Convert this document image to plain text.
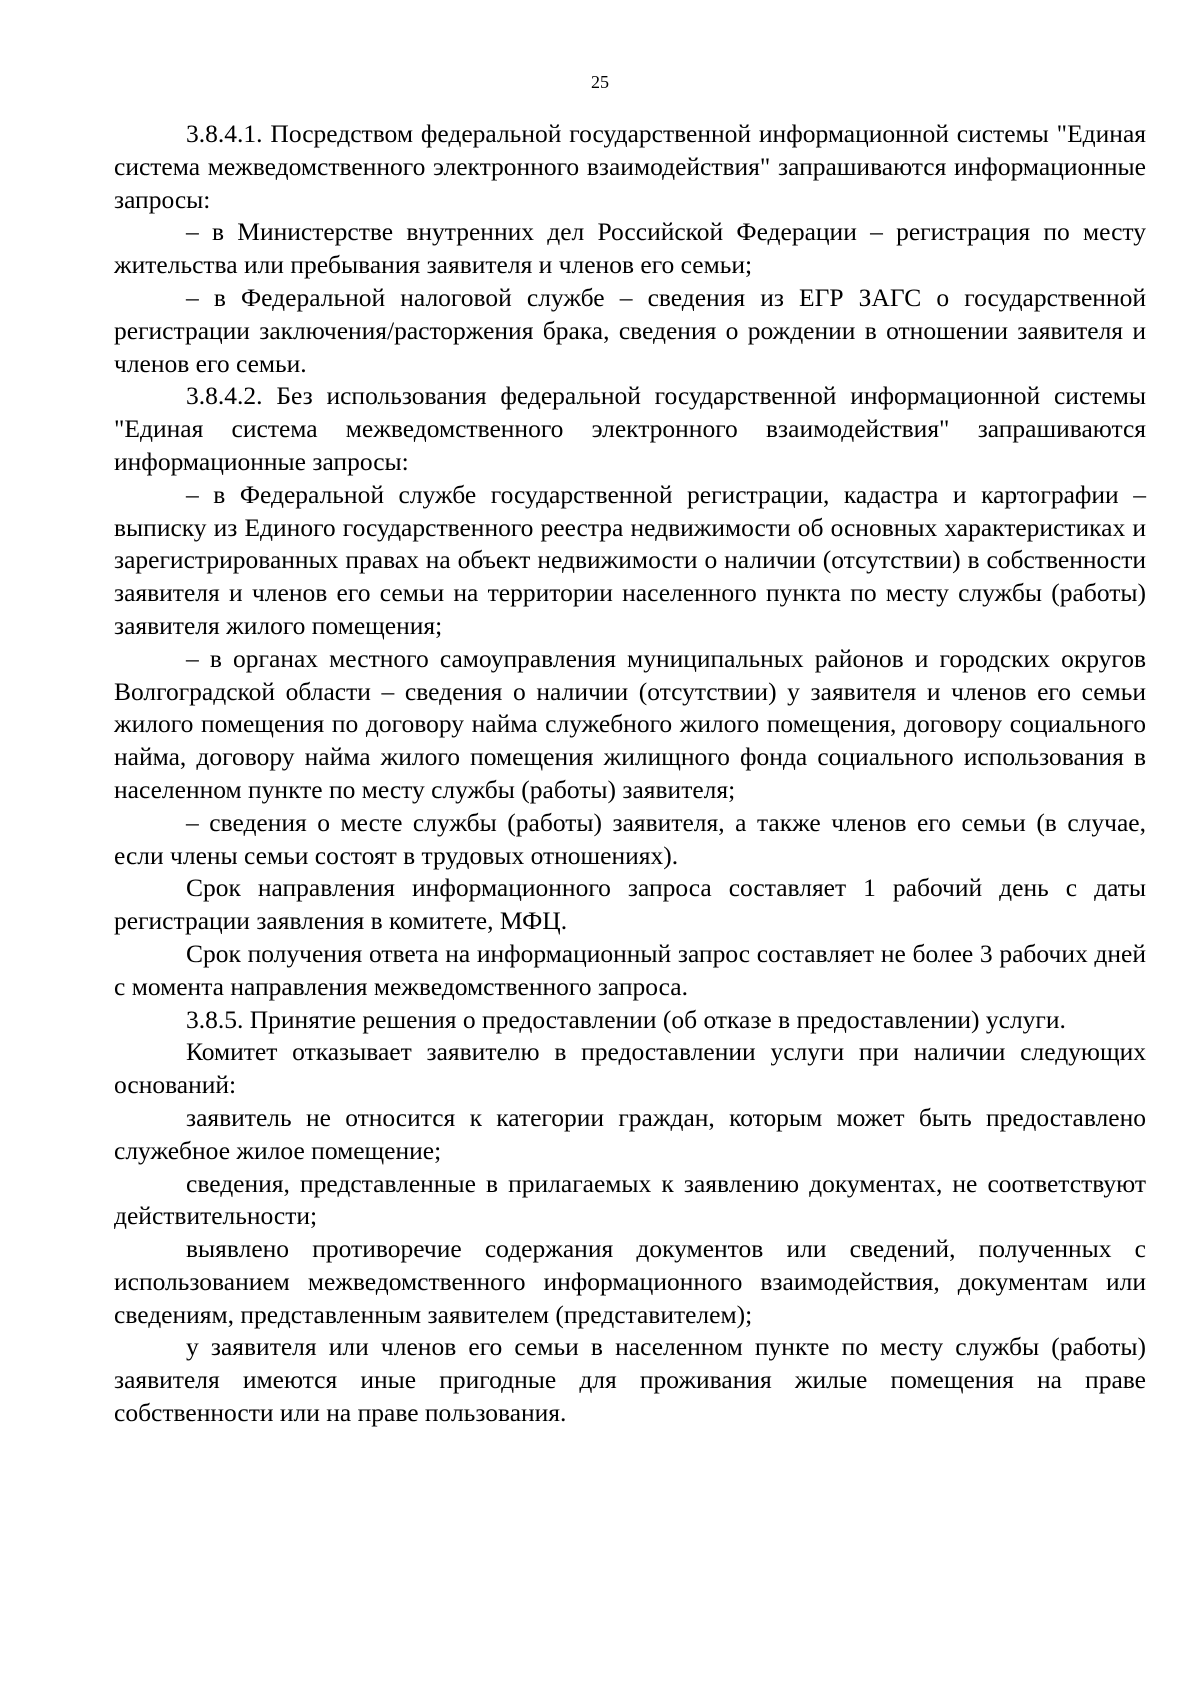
25

3.8.4.1. Посредством федеральной государственной информационной системы "Единая система межведомственного электронного взаимодействия" запрашиваются информационные запросы:

– в Министерстве внутренних дел Российской Федерации – регистрация по месту жительства или пребывания заявителя и членов его семьи;

– в Федеральной налоговой службе – сведения из ЕГР ЗАГС о государственной регистрации заключения/расторжения брака, сведения о рождении в отношении заявителя и членов его семьи.

3.8.4.2. Без использования федеральной государственной информационной системы "Единая система межведомственного электронного взаимодействия" запрашиваются информационные запросы:

– в Федеральной службе государственной регистрации, кадастра и картографии – выписку из Единого государственного реестра недвижимости об основных характеристиках и зарегистрированных правах на объект недвижимости о наличии (отсутствии) в собственности заявителя и членов его семьи на территории населенного пункта по месту службы (работы) заявителя жилого помещения;

– в органах местного самоуправления муниципальных районов и городских округов Волгоградской области – сведения о наличии (отсутствии) у заявителя и членов его семьи жилого помещения по договору найма служебного жилого помещения, договору социального найма, договору найма жилого помещения жилищного фонда социального использования в населенном пункте по месту службы (работы) заявителя;

– сведения о месте службы (работы) заявителя, а также членов его семьи (в случае, если члены семьи состоят в трудовых отношениях).

Срок направления информационного запроса составляет 1 рабочий день с даты регистрации заявления в комитете, МФЦ.

Срок получения ответа на информационный запрос составляет не более 3 рабочих дней с момента направления межведомственного запроса.

3.8.5. Принятие решения о предоставлении (об отказе в предоставлении) услуги.

Комитет отказывает заявителю в предоставлении услуги при наличии следующих оснований:

заявитель не относится к категории граждан, которым может быть предоставлено служебное жилое помещение;

сведения, представленные в прилагаемых к заявлению документах, не соответствуют действительности;

выявлено противоречие содержания документов или сведений, полученных с использованием межведомственного информационного взаимодействия, документам или сведениям, представленным заявителем (представителем);

у заявителя или членов его семьи в населенном пункте по месту службы (работы) заявителя имеются иные пригодные для проживания жилые помещения на праве собственности или на праве пользования.
